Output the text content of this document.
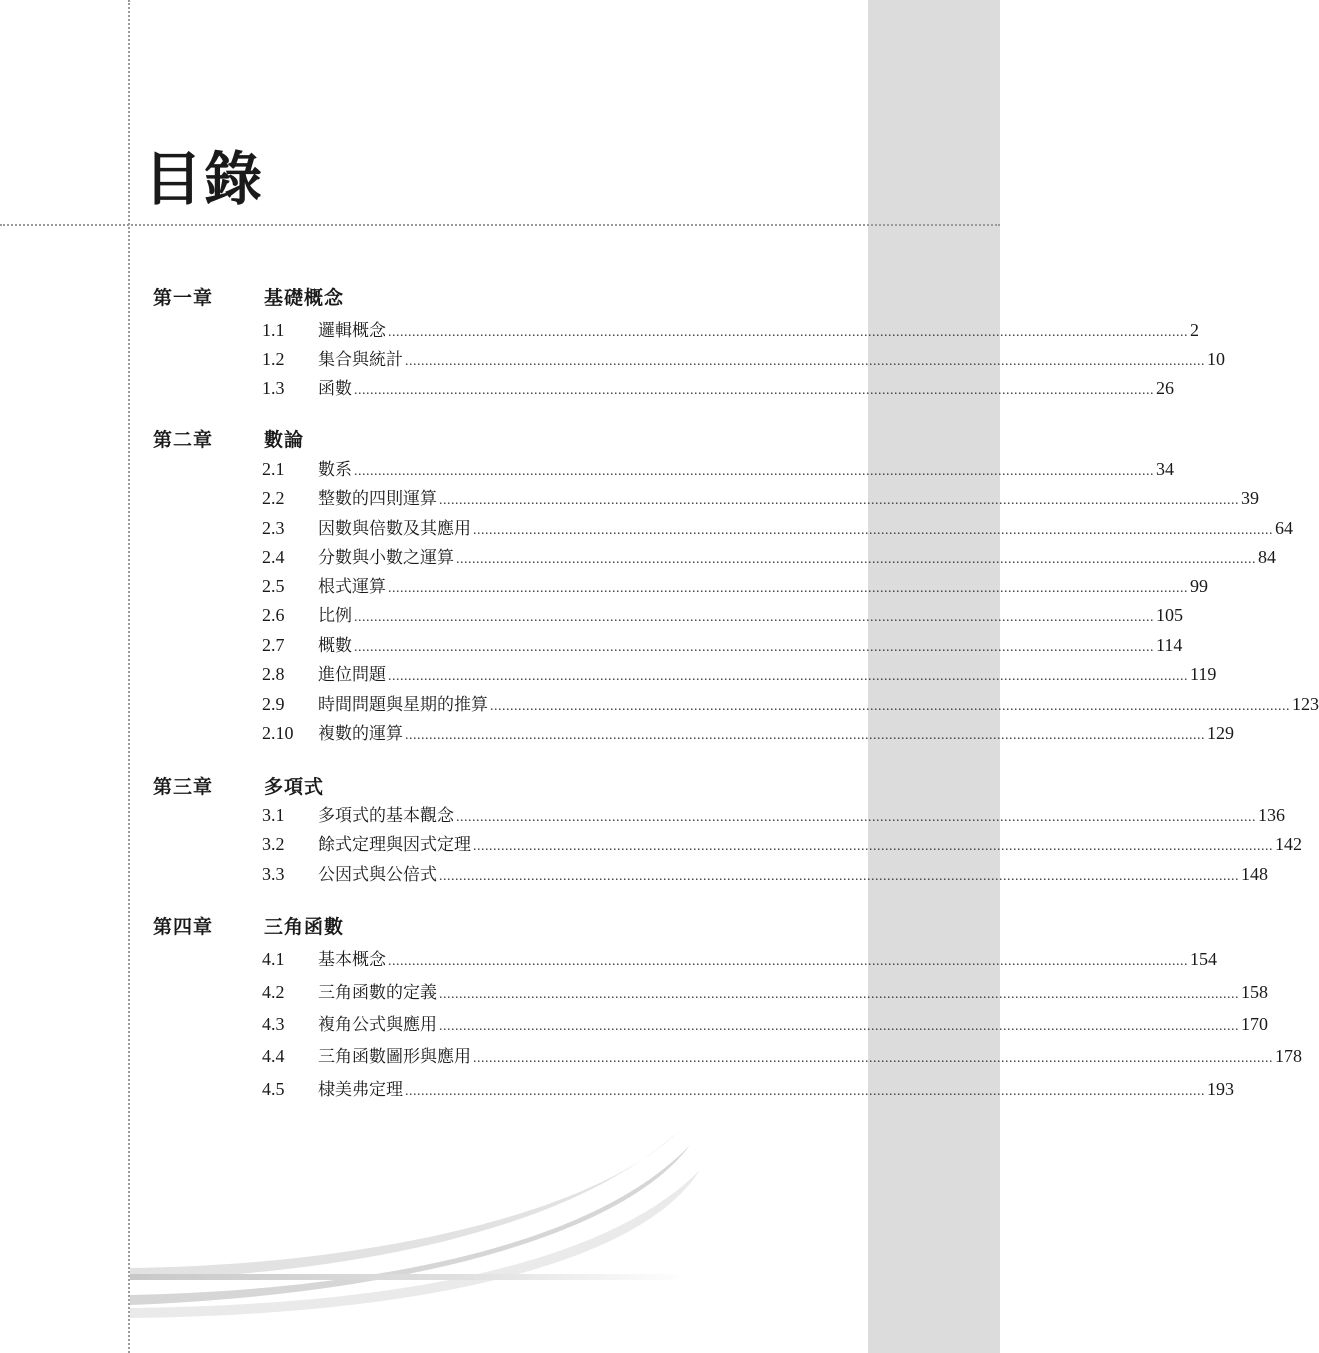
目錄
第一章	基礎概念
1.1	邏輯概念 ........................................................................................................................................................................................................ 2
1.2	集合與統計 ........................................................................................................................................................................................................ 10
1.3	函數 ........................................................................................................................................................................................................ 26
第二章	數論
2.1	數系 ........................................................................................................................................................................................................ 34
2.2	整數的四則運算 ........................................................................................................................................................................................................ 39
2.3	因數與倍數及其應用 ........................................................................................................................................................................................................ 64
2.4	分數與小數之運算 ........................................................................................................................................................................................................ 84
2.5	根式運算 ........................................................................................................................................................................................................ 99
2.6	比例 ........................................................................................................................................................................................................ 105
2.7	概數 ........................................................................................................................................................................................................ 114
2.8	進位問題 ........................................................................................................................................................................................................ 119
2.9	時間問題與星期的推算 ........................................................................................................................................................................................................ 123
2.10	複數的運算 ........................................................................................................................................................................................................ 129
第三章	多項式
3.1	多項式的基本觀念 ........................................................................................................................................................................................................ 136
3.2	餘式定理與因式定理 ........................................................................................................................................................................................................ 142
3.3	公因式與公倍式 ........................................................................................................................................................................................................ 148
第四章	三角函數
4.1	基本概念 ........................................................................................................................................................................................................ 154
4.2	三角函數的定義 ........................................................................................................................................................................................................ 158
4.3	複角公式與應用 ........................................................................................................................................................................................................ 170
4.4	三角函數圖形與應用 ........................................................................................................................................................................................................ 178
4.5	棣美弗定理 ........................................................................................................................................................................................................ 193
